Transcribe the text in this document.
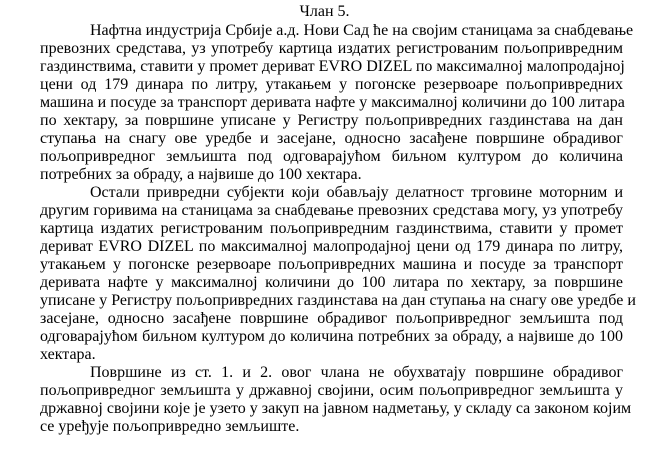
Члан 5.
Нафтна индустрија Србије а.д. Нови Сад ће на својим станицама за снабдевање
превозних средстава, уз употребу картица издатих регистрованим пољопривредним
газдинствима, ставити у промет дериват EVRO DIZEL по максималној малопродајној
цени од 179 динара по литру, утакањем у погонске резервоаре пољопривредних
машина и посуде за транспорт деривата нафте у максималној количини до 100 литара
по хектару, за површине уписане у Регистру пољопривредних газдинстава на дан
ступања на снагу ове уредбе и засејане, односно засађене површине обрадивог
пољопривредног земљишта под одговарајућом биљном културом до количина
потребних за обраду, а највише до 100 хектара.
Остали привредни субјекти који обављају делатност трговине моторним и
другим горивима на станицама за снабдевање превозних средстава могу, уз употребу
картица издатих регистрованим пољопривредним газдинствима, ставити у промет
дериват EVRO DIZEL по максималној малопродајној цени од 179 динара по литру,
утакањем у погонске резервоаре пољопривредних машина и посуде за транспорт
деривата нафте у максималној количини до 100 литара по хектару, за површине
уписане у Регистру пољопривредних газдинстава на дан ступања на снагу ове уредбе и
засејане, односно засађене површине обрадивог пољопривредног земљишта под
одговарајућом биљном културом до количина потребних за обраду, а највише до 100
хектара.
Површине из ст. 1. и 2. овог члана не обухватају површине обрадивог
пољопривредног земљишта у државној својини, осим пољопривредног земљишта у
државној својини које је узето у закуп на јавном надметању, у складу са законом којим
се уређује пољопривредно земљиште.
